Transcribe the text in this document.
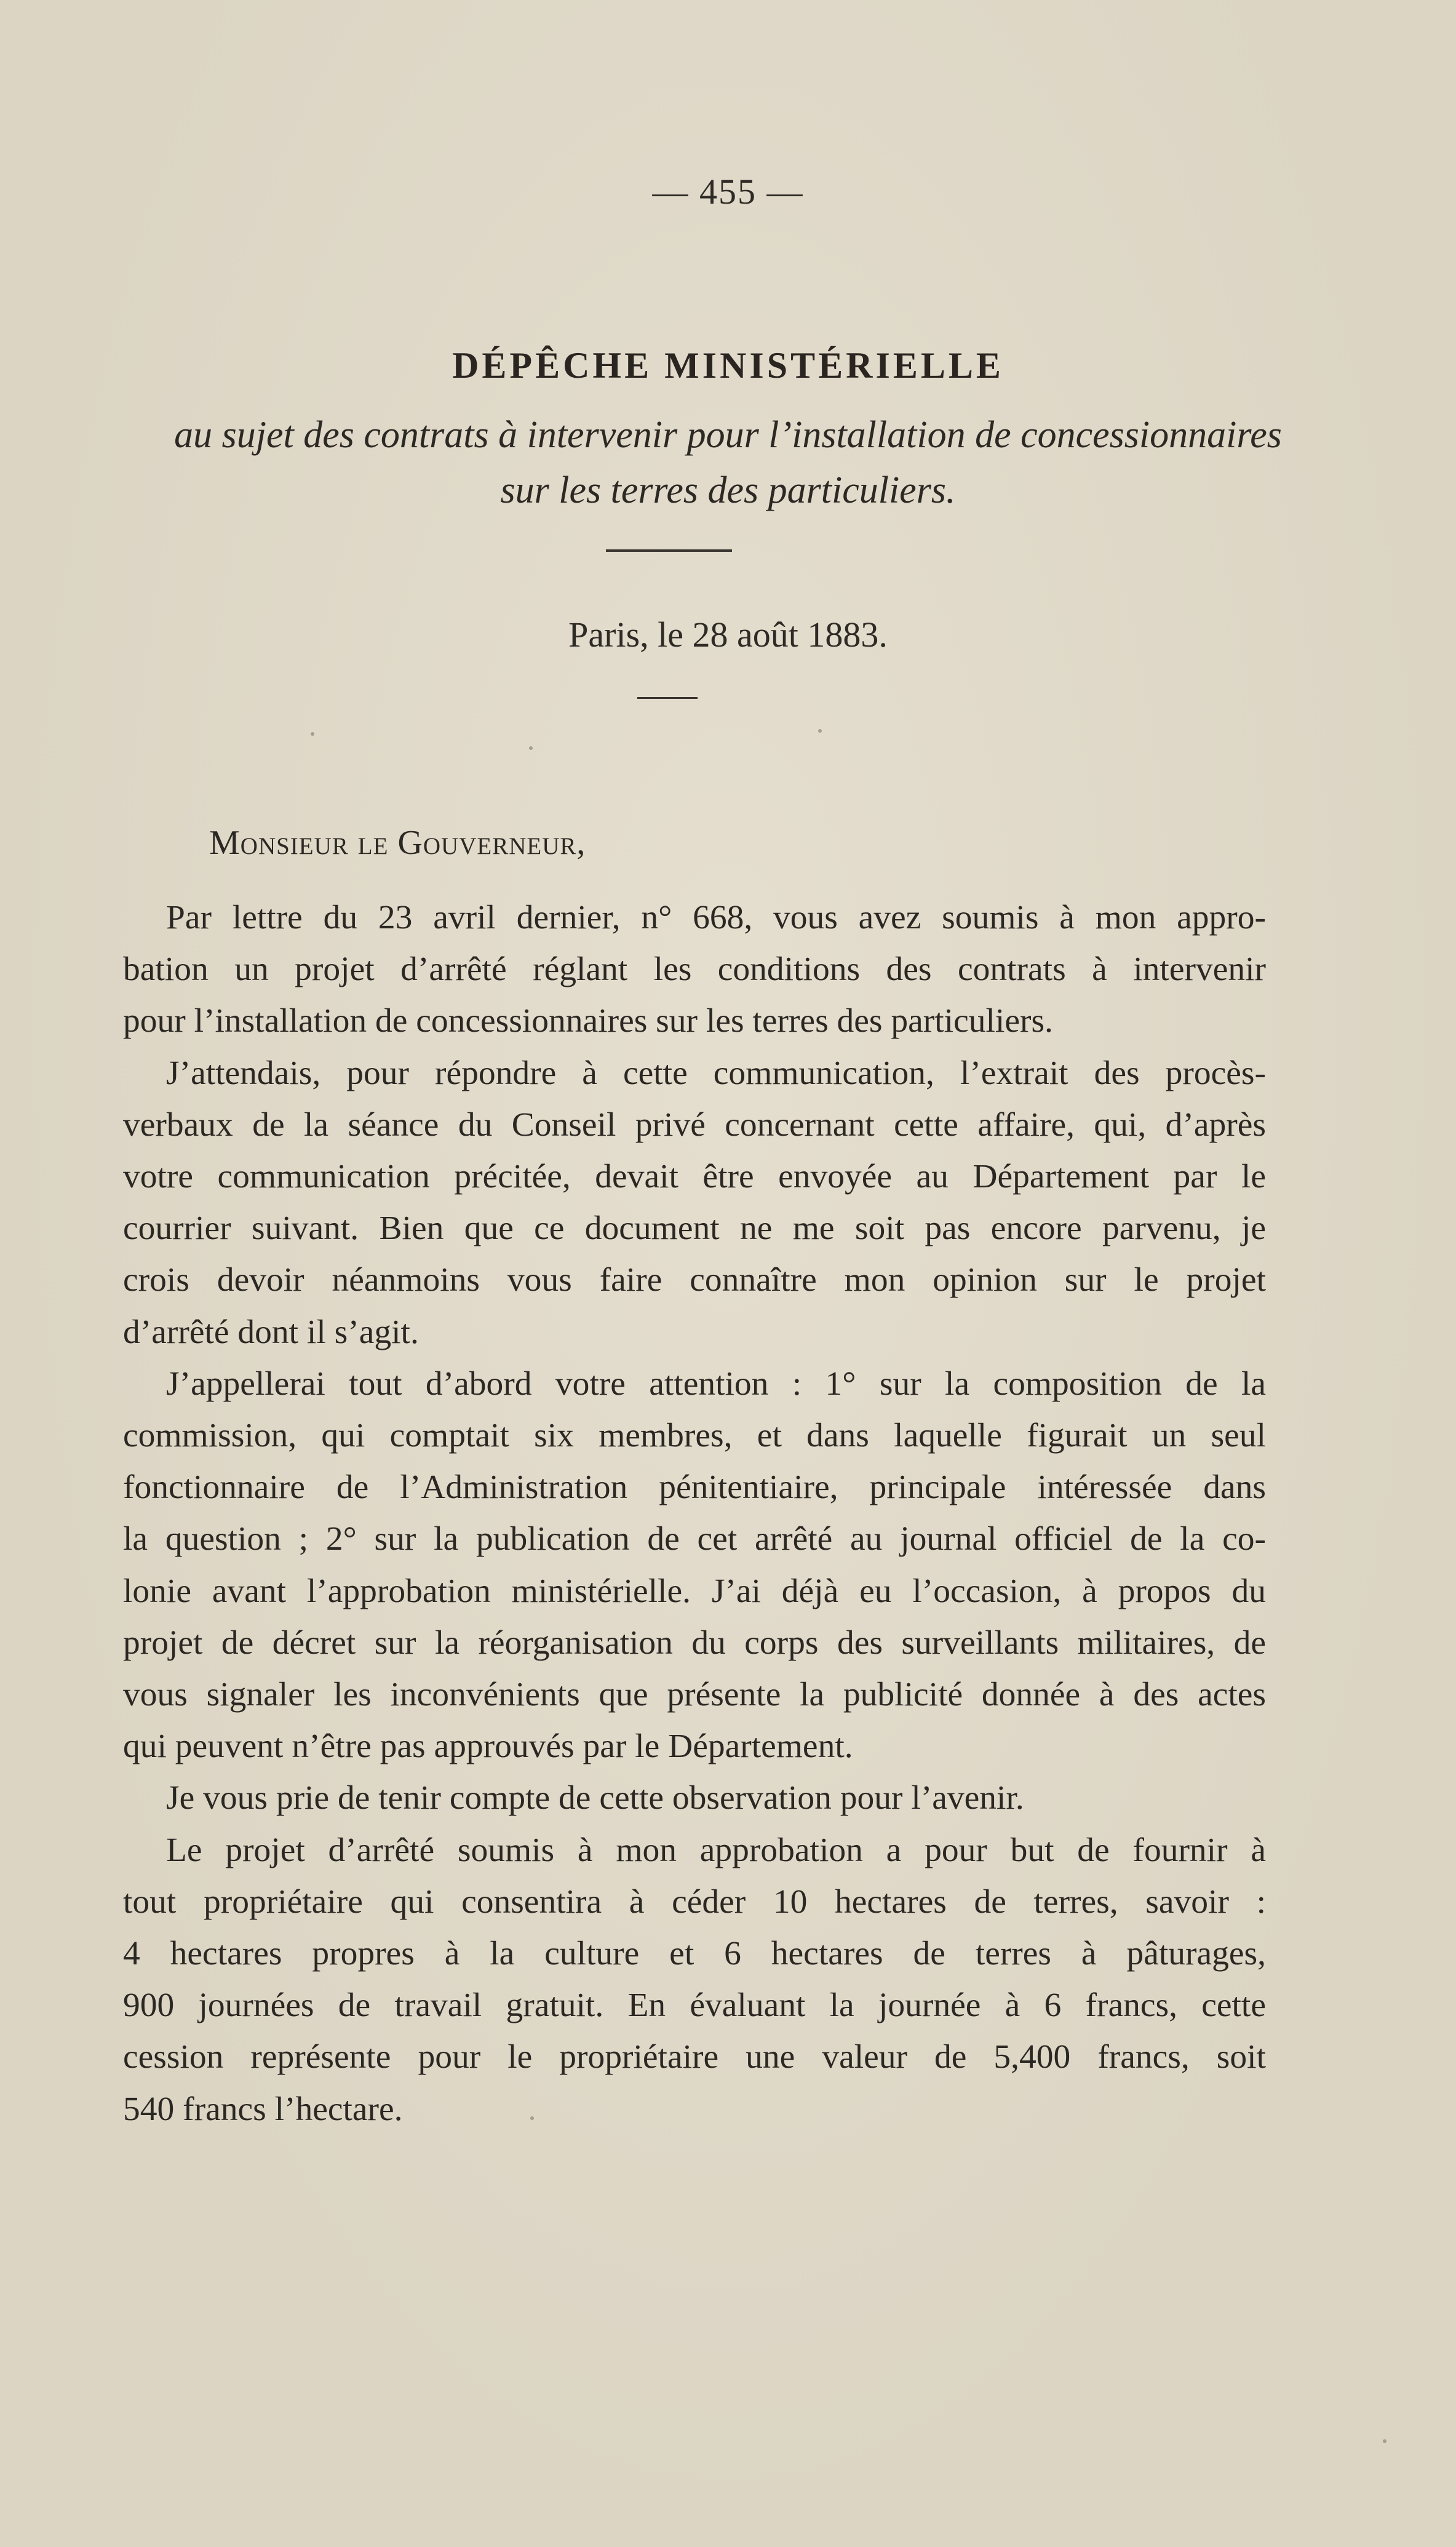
— 455 —
DÉPÊCHE MINISTÉRIELLE
au sujet des contrats à intervenir pour l’installation de concessionnaires
sur les terres des particuliers.
Paris, le 28 août 1883.
Monsieur le Gouverneur,
Par lettre du 23 avril dernier, n° 668, vous avez soumis à mon appro-
bation un projet d’arrêté réglant les conditions des contrats à intervenir
pour l’installation de concessionnaires sur les terres des particuliers.
J’attendais, pour répondre à cette communication, l’extrait des procès-
verbaux de la séance du Conseil privé concernant cette affaire, qui, d’après
votre communication précitée, devait être envoyée au Département par le
courrier suivant. Bien que ce document ne me soit pas encore parvenu, je
crois devoir néanmoins vous faire connaître mon opinion sur le projet
d’arrêté dont il s’agit.
J’appellerai tout d’abord votre attention : 1° sur la composition de la
commission, qui comptait six membres, et dans laquelle figurait un seul
fonctionnaire de l’Administration pénitentiaire, principale intéressée dans
la question ; 2° sur la publication de cet arrêté au journal officiel de la co-
lonie avant l’approbation ministérielle. J’ai déjà eu l’occasion, à propos du
projet de décret sur la réorganisation du corps des surveillants militaires, de
vous signaler les inconvénients que présente la publicité donnée à des actes
qui peuvent n’être pas approuvés par le Département.
Je vous prie de tenir compte de cette observation pour l’avenir.
Le projet d’arrêté soumis à mon approbation a pour but de fournir à
tout propriétaire qui consentira à céder 10 hectares de terres, savoir :
4 hectares propres à la culture et 6 hectares de terres à pâturages,
900 journées de travail gratuit. En évaluant la journée à 6 francs, cette
cession représente pour le propriétaire une valeur de 5,400 francs, soit
540 francs l’hectare.
